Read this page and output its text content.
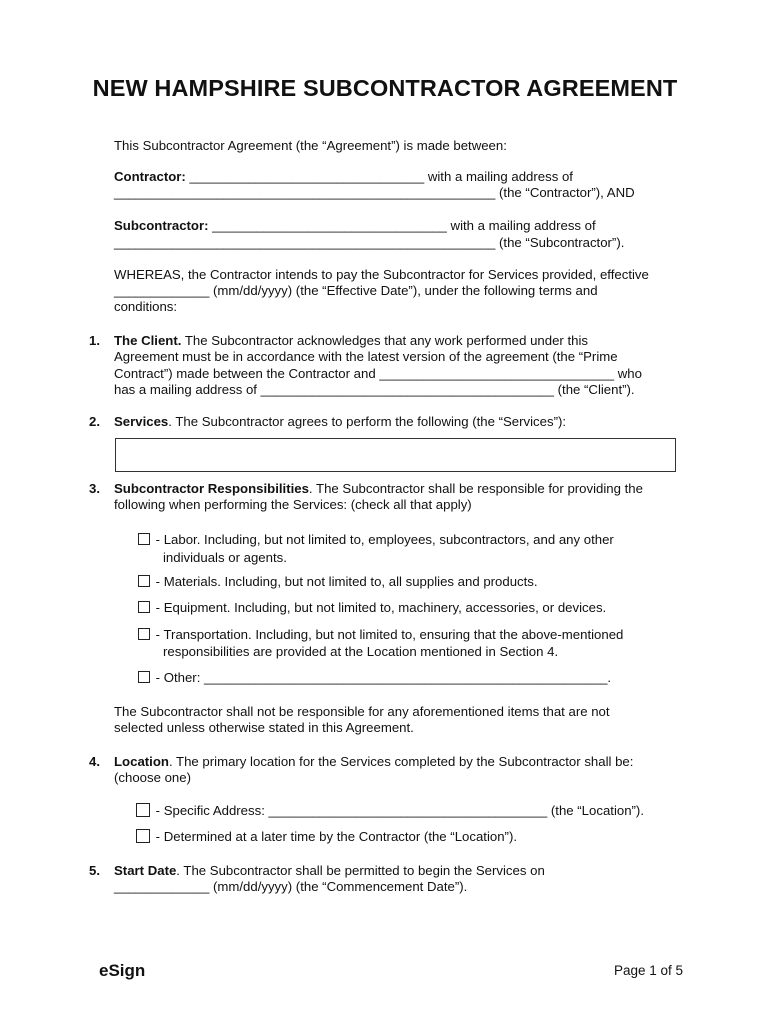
NEW HAMPSHIRE SUBCONTRACTOR AGREEMENT
This Subcontractor Agreement (the “Agreement”) is made between:
Contractor: ________________________________ with a mailing address of
____________________________________________________ (the “Contractor”), AND
Subcontractor: ________________________________ with a mailing address of
____________________________________________________ (the “Subcontractor”).
WHEREAS, the Contractor intends to pay the Subcontractor for Services provided, effective
_____________ (mm/dd/yyyy) (the “Effective Date”), under the following terms and
conditions:
1. The Client. The Subcontractor acknowledges that any work performed under this
Agreement must be in accordance with the latest version of the agreement (the “Prime
Contract”) made between the Contractor and ________________________________ who
has a mailing address of ________________________________________ (the “Client”).
2. Services. The Subcontractor agrees to perform the following (the “Services”):
3. Subcontractor Responsibilities. The Subcontractor shall be responsible for providing the
following when performing the Services: (check all that apply)
- Labor. Including, but not limited to, employees, subcontractors, and any other
individuals or agents.
- Materials. Including, but not limited to, all supplies and products.
- Equipment. Including, but not limited to, machinery, accessories, or devices.
- Transportation. Including, but not limited to, ensuring that the above-mentioned
responsibilities are provided at the Location mentioned in Section 4.
- Other: _______________________________________________________.
The Subcontractor shall not be responsible for any aforementioned items that are not
selected unless otherwise stated in this Agreement.
4. Location. The primary location for the Services completed by the Subcontractor shall be:
(choose one)
- Specific Address: ______________________________________ (the “Location”).
- Determined at a later time by the Contractor (the “Location”).
5. Start Date. The Subcontractor shall be permitted to begin the Services on
_____________ (mm/dd/yyyy) (the “Commencement Date”).
eSign	Page 1 of 5
